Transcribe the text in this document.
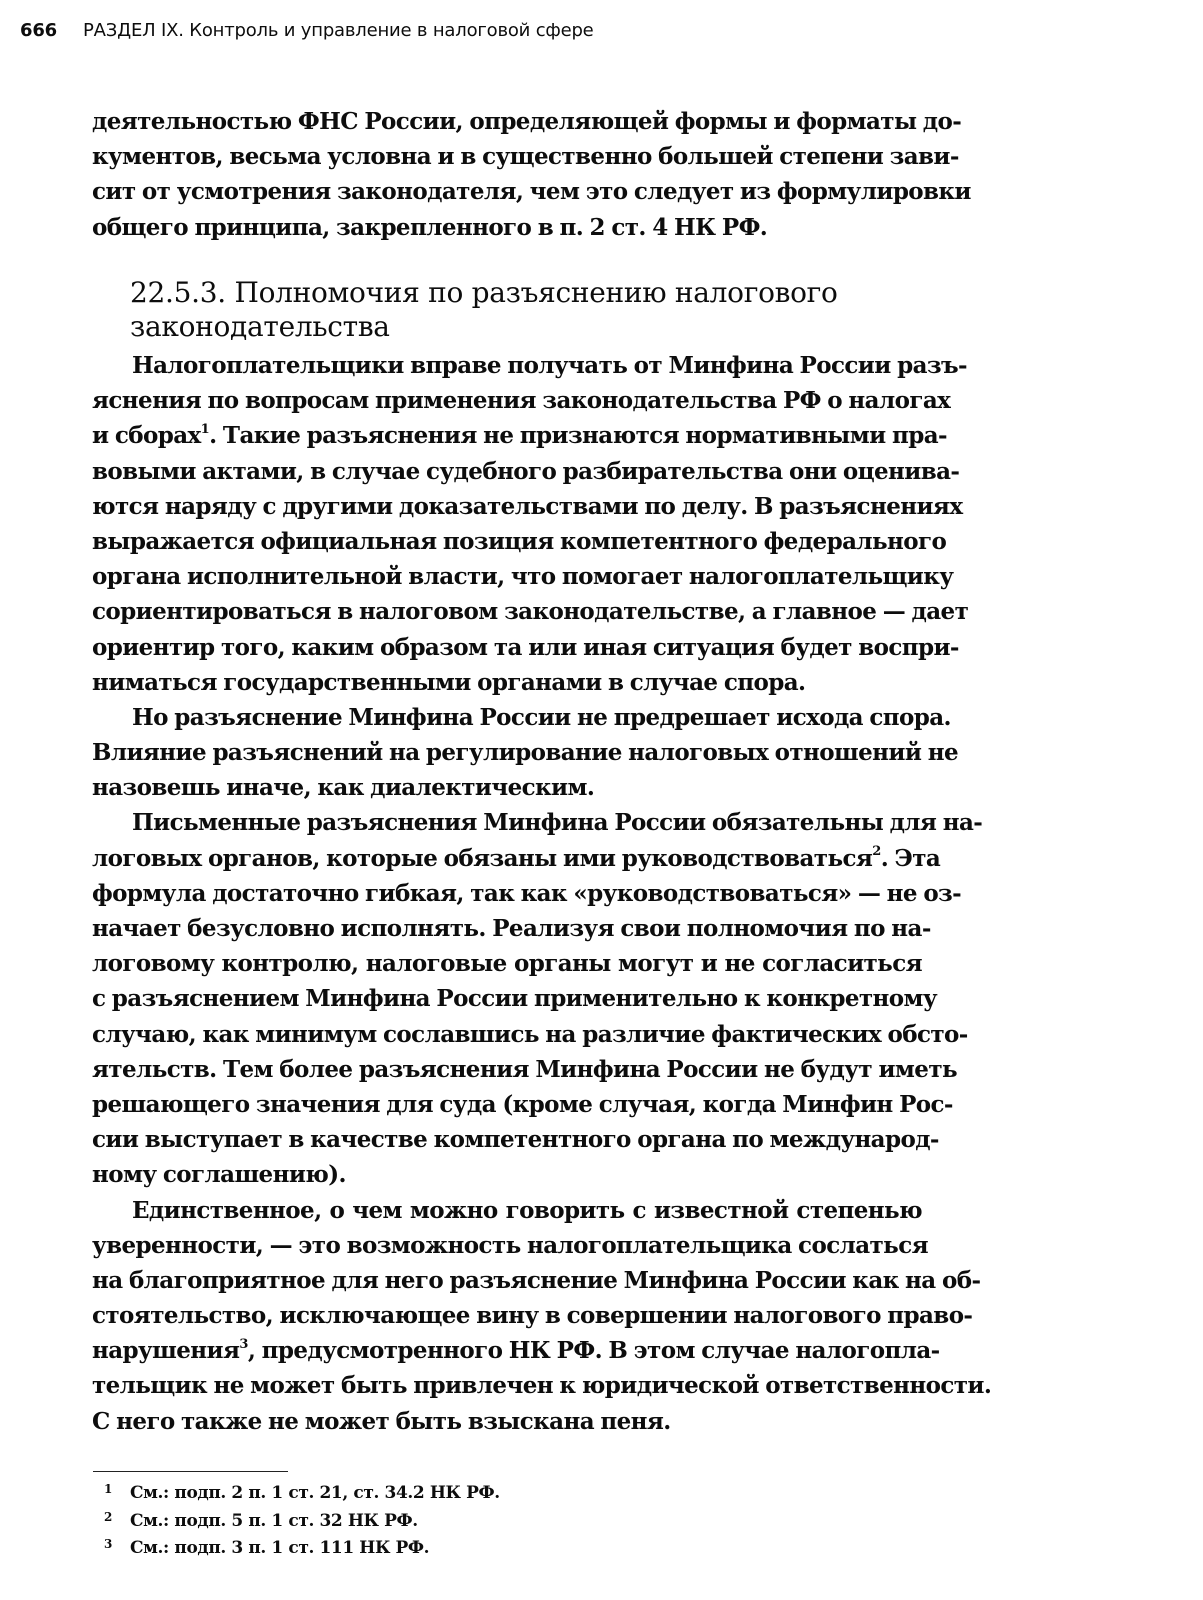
666 РАЗДЕЛ IX. Контроль и управление в налоговой сфере
деятельностью ФНС России, определяющей формы и форматы до-
кументов, весьма условна и в существенно большей степени зави-
сит от усмотрения законодателя, чем это следует из формулировки
общего принципа, закрепленного в п. 2 ст. 4 НК РФ.
22.5.3. Полномочия по разъяснению налогового
законодательства
Налогоплательщики вправе получать от Минфина России разъ-
яснения по вопросам применения законодательства РФ о налогах
и сборах$^1$. Такие разъяснения не признаются нормативными пра-
вовыми актами, в случае судебного разбирательства они оценива-
ются наряду с другими доказательствами по делу. В разъяснениях
выражается официальная позиция компетентного федерального
органа исполнительной власти, что помогает налогоплательщику
сориентироваться в налоговом законодательстве, а главное — дает
ориентир того, каким образом та или иная ситуация будет воспри-
ниматься государственными органами в случае спора.
Но разъяснение Минфина России не предрешает исхода спора.
Влияние разъяснений на регулирование налоговых отношений не
назовешь иначе, как диалектическим.
Письменные разъяснения Минфина России обязательны для на-
логовых органов, которые обязаны ими руководствоваться$^2$. Эта
формула достаточно гибкая, так как «руководствоваться» — не оз-
начает безусловно исполнять. Реализуя свои полномочия по на-
логовому контролю, налоговые органы могут и не согласиться
с разъяснением Минфина России применительно к конкретному
случаю, как минимум сославшись на различие фактических обсто-
ятельств. Тем более разъяснения Минфина России не будут иметь
решающего значения для суда (кроме случая, когда Минфин Рос-
сии выступает в качестве компетентного органа по международ-
ному соглашению).
Единственное, о чем можно говорить с известной степенью
уверенности, — это возможность налогоплательщика сослаться
на благоприятное для него разъяснение Минфина России как на об-
стоятельство, исключающее вину в совершении налогового право-
нарушения$^3$, предусмотренного НК РФ. В этом случае налогопла-
тельщик не может быть привлечен к юридической ответственности.
С него также не может быть взыскана пеня.
1 См.: подп. 2 п. 1 ст. 21, ст. 34.2 НК РФ.
2 См.: подп. 5 п. 1 ст. 32 НК РФ.
3 См.: подп. 3 п. 1 ст. 111 НК РФ.
